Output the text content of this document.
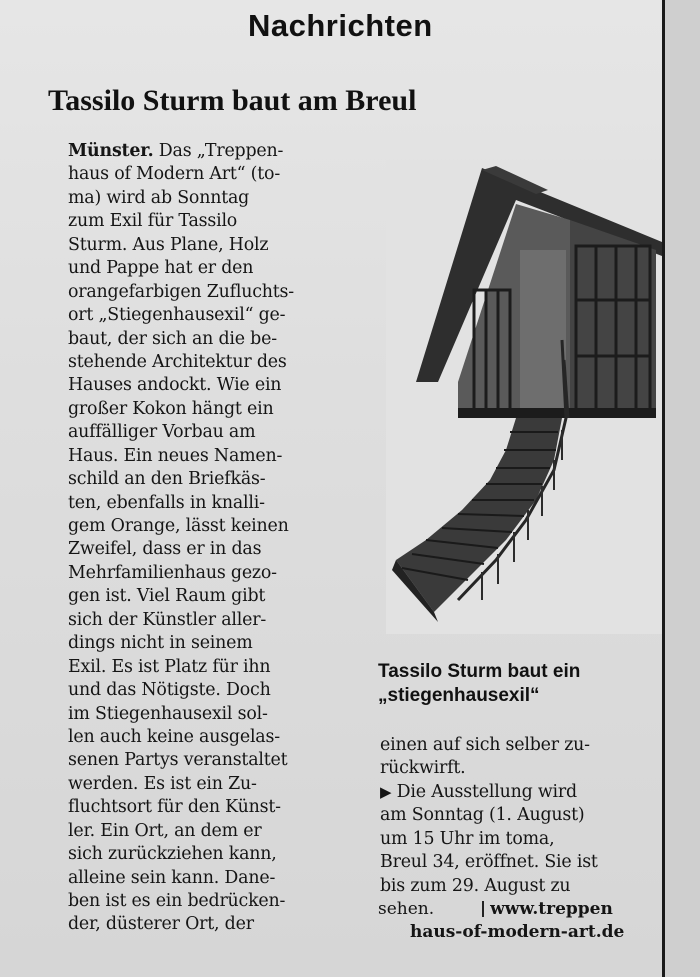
Nachrichten
Tassilo Sturm baut am Breul
Münster. Das „Treppen-
haus of Modern Art“ (to-
ma) wird ab Sonntag
zum Exil für Tassilo
Sturm. Aus Plane, Holz
und Pappe hat er den
orangefarbigen Zufluchts-
ort „Stiegenhausexil“ ge-
baut, der sich an die be-
stehende Architektur des
Hauses andockt. Wie ein
großer Kokon hängt ein
auffälliger Vorbau am
Haus. Ein neues Namen-
schild an den Briefkäs-
ten, ebenfalls in knalli-
gem Orange, lässt keinen
Zweifel, dass er in das
Mehrfamilienhaus gezo-
gen ist. Viel Raum gibt
sich der Künstler aller-
dings nicht in seinem
Exil. Es ist Platz für ihn
und das Nötigste. Doch
im Stiegenhausexil sol-
len auch keine ausgelas-
senen Partys veranstaltet
werden. Es ist ein Zu-
fluchtsort für den Künst-
ler. Ein Ort, an dem er
sich zurückziehen kann,
alleine sein kann. Dane-
ben ist es ein bedrücken-
der, düsterer Ort, der
Tassilo Sturm baut ein
„stiegenhausexil“
einen auf sich selber zu-
rückwirft.
▶ Die Ausstellung wird
am Sonntag (1. August)
um 15 Uhr im toma,
Breul 34, eröffnet. Sie ist
bis zum 29. August zu
sehen.	www.treppen
haus-of-modern-art.de
